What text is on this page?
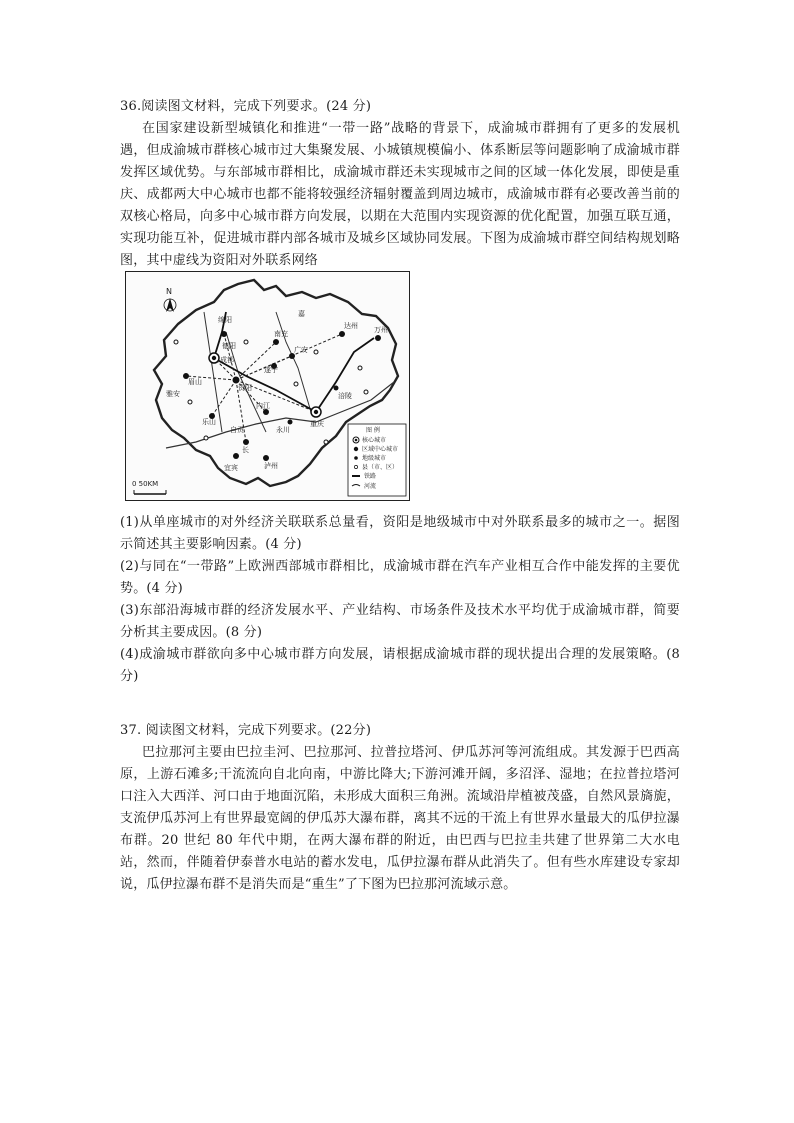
36.阅读图文材料，完成下列要求。(24 分)

在国家建设新型城镇化和推进“一带一路”战略的背景下，成渝城市群拥有了更多的发展机遇，但成渝城市群核心城市过大集聚发展、小城镇规模偏小、体系断层等问题影响了成渝城市群发挥区域优势。与东部城市群相比，成渝城市群还未实现城市之间的区域一体化发展，即使是重庆、成都两大中心城市也都不能将较强经济辐射覆盖到周边城市，成渝城市群有必要改善当前的双核心格局，向多中心城市群方向发展，以期在大范围内实现资源的优化配置，加强互联互通，实现功能互补，促进城市群内部各城市及城乡区域协同发展。下图为成渝城市群空间结构规划略图，其中虚线为资阳对外联系网络

绵阳
德阳
成都
南充
达州 万州
遂宁
广安
嘉
眉山
雅安
资阳
内江
永川
重庆
乐山
自贡
泸州
宜宾
涪陵
长
N
0 50KM
图 例
核心城市
区域中心城市
地级城市
县（市、区）
铁路
河流

(1)从单座城市的对外经济关联联系总量看，资阳是地级城市中对外联系最多的城市之一。据图示简述其主要影响因素。(4 分)

(2)与同在“一带路”上欧洲西部城市群相比，成渝城市群在汽车产业相互合作中能发挥的主要优势。(4 分)

(3)东部沿海城市群的经济发展水平、产业结构、市场条件及技术水平均优于成渝城市群，简要分析其主要成因。(8 分)

(4)成渝城市群欲向多中心城市群方向发展，请根据成渝城市群的现状提出合理的发展策略。(8 分)

37. 阅读图文材料，完成下列要求。(22分)

巴拉那河主要由巴拉圭河、巴拉那河、拉普拉塔河、伊瓜苏河等河流组成。其发源于巴西高原，上游石滩多;干流流向自北向南，中游比降大;下游河滩开阔，多沼泽、湿地；在拉普拉塔河口注入大西洋、河口由于地面沉陷，未形成大面积三角洲。流域沿岸植被茂盛，自然风景旖旎，支流伊瓜苏河上有世界最宽阔的伊瓜苏大瀑布群，离其不远的干流上有世界水量最大的瓜伊拉瀑布群。20 世纪 80 年代中期，在两大瀑布群的附近，由巴西与巴拉圭共建了世界第二大水电站，然而，伴随着伊泰普水电站的蓄水发电，瓜伊拉瀑布群从此消失了。但有些水库建设专家却说，瓜伊拉瀑布群不是消失而是“重生”了下图为巴拉那河流域示意。
